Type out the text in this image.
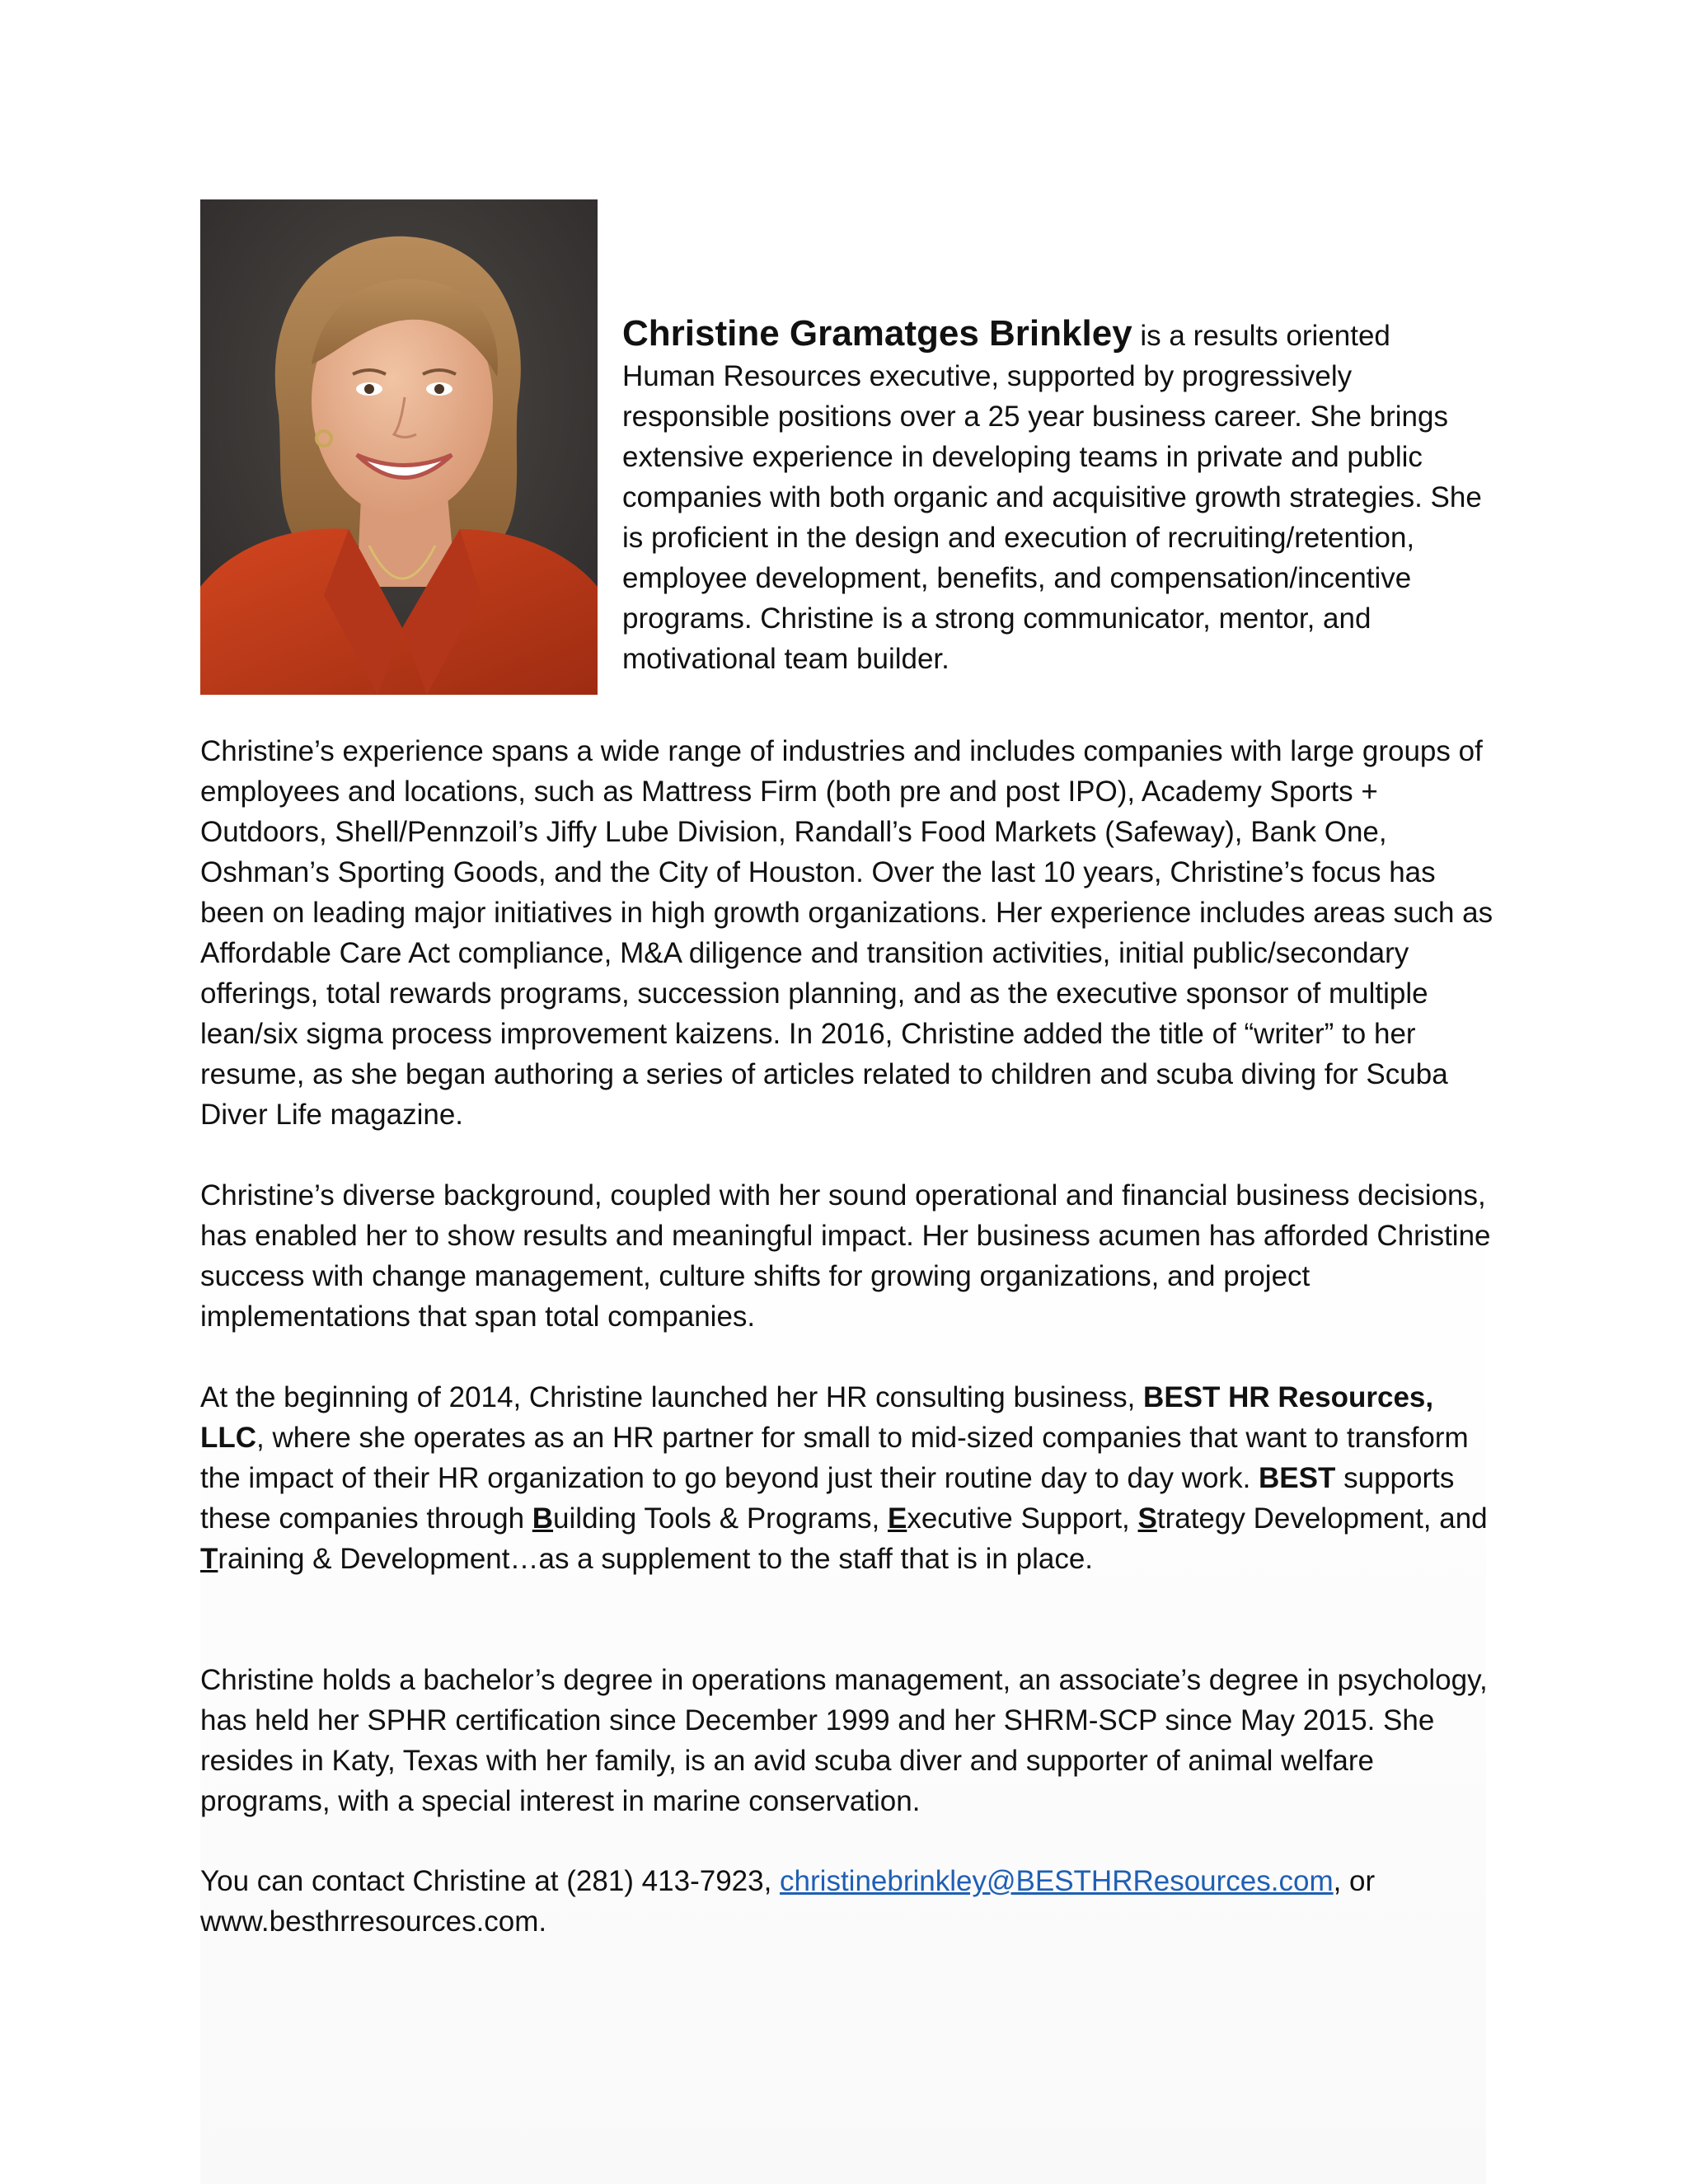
Christine Gramatges Brinkley is a results oriented Human Resources executive, supported by progressively responsible positions over a 25 year business career. She brings extensive experience in developing teams in private and public companies with both organic and acquisitive growth strategies. She is proficient in the design and execution of recruiting/retention, employee development, benefits, and compensation/incentive programs. Christine is a strong communicator, mentor, and motivational team builder.

Christine’s experience spans a wide range of industries and includes companies with large groups of employees and locations, such as Mattress Firm (both pre and post IPO), Academy Sports + Outdoors, Shell/Pennzoil’s Jiffy Lube Division, Randall’s Food Markets (Safeway), Bank One, Oshman’s Sporting Goods, and the City of Houston. Over the last 10 years, Christine’s focus has been on leading major initiatives in high growth organizations. Her experience includes areas such as Affordable Care Act compliance, M&A diligence and transition activities, initial public/secondary offerings, total rewards programs, succession planning, and as the executive sponsor of multiple lean/six sigma process improvement kaizens. In 2016, Christine added the title of “writer” to her resume, as she began authoring a series of articles related to children and scuba diving for Scuba Diver Life magazine.

Christine’s diverse background, coupled with her sound operational and financial business decisions, has enabled her to show results and meaningful impact. Her business acumen has afforded Christine success with change management, culture shifts for growing organizations, and project implementations that span total companies.

At the beginning of 2014, Christine launched her HR consulting business, BEST HR Resources, LLC, where she operates as an HR partner for small to mid-sized companies that want to transform the impact of their HR organization to go beyond just their routine day to day work. BEST supports these companies through Building Tools & Programs, Executive Support, Strategy Development, and Training & Development…as a supplement to the staff that is in place.

Christine holds a bachelor’s degree in operations management, an associate’s degree in psychology, has held her SPHR certification since December 1999 and her SHRM-SCP since May 2015. She resides in Katy, Texas with her family, is an avid scuba diver and supporter of animal welfare programs, with a special interest in marine conservation.

You can contact Christine at (281) 413-7923, christinebrinkley@BESTHRResources.com, or www.besthrresources.com.
